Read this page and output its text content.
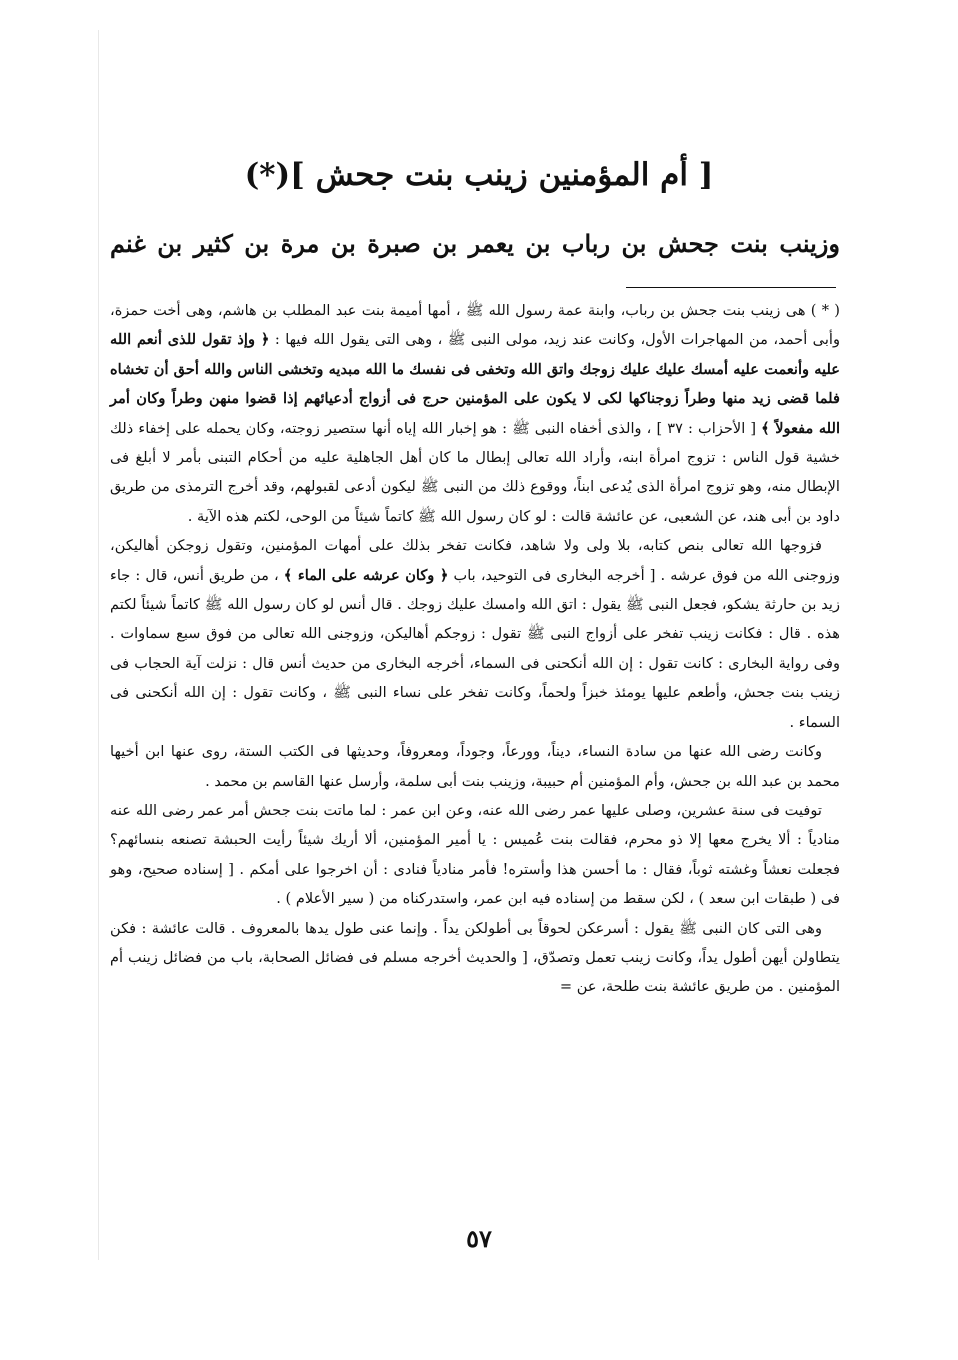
[ أم المؤمنين زينب بنت جحش ](*)

وزينب بنت جحش بن رباب بن يعمر بن صبرة بن مرة بن كثير بن غنم

( * ) هى زينب بنت جحش بن رباب، وابنة عمة رسول الله ﷺ ، أمها أميمة بنت عبد المطلب بن هاشم، وهى أخت حمزة، وأبى أحمد، من المهاجرات الأول، وكانت عند زيد، مولى النبى ﷺ ، وهى التى يقول الله فيها : ﴿ وإذ تقول للذى أنعم الله عليه وأنعمت عليه أمسك عليك عليك زوجك واتق الله وتخفى فى نفسك ما الله مبديه وتخشى الناس والله أحق أن تخشاه فلما قضى زيد منها وطراً زوجناكها لكى لا يكون على المؤمنين حرج فى أزواج أدعيائهم إذا قضوا منهن وطراً وكان أمر الله مفعولاً ﴾ [ الأحزاب : ٣٧ ] ، والذى أخفاه النبى ﷺ : هو إخبار الله إياه أنها ستصير زوجته، وكان يحمله على إخفاء ذلك خشية قول الناس : تزوج امرأة ابنه، وأراد الله تعالى إبطال ما كان أهل الجاهلية عليه من أحكام التبنى بأمر لا أبلغ فى الإبطال منه، وهو تزوج امرأة الذى يُدعى ابناً، ووقوع ذلك من النبى ﷺ ليكون أدعى لقبولهم، وقد أخرج الترمذى من طريق داود بن أبى هند، عن الشعبى، عن عائشة قالت : لو كان رسول الله ﷺ كاتماً شيئاً من الوحى، لكتم هذه الآية .

فزوجها الله تعالى بنص كتابه، بلا ولى ولا شاهد، فكانت تفخر بذلك على أمهات المؤمنين، وتقول زوجكن أهاليكن، وزوجنى الله من فوق عرشه . [ أخرجه البخارى فى التوحيد، باب ﴿ وكان عرشه على الماء ﴾ ، من طريق أنس، قال : جاء زيد بن حارثة يشكو، فجعل النبى ﷺ يقول : اتق الله وامسك عليك زوجك . قال أنس لو كان رسول الله ﷺ كاتماً شيئاً لكتم هذه . قال : فكانت زينب تفخر على أزواج النبى ﷺ تقول : زوجكم أهاليكن، وزوجنى الله تعالى من فوق سبع سماوات . وفى رواية البخارى : كانت تقول : إن الله أنكحنى فى السماء، أخرجه البخارى من حديث أنس قال : نزلت آية الحجاب فى زينب بنت جحش، وأطعم عليها يومئذ خبزاً ولحماً، وكانت تفخر على نساء النبى ﷺ ، وكانت تقول : إن الله أنكحنى فى السماء .

وكانت رضى الله عنها من سادة النساء، ديناً، وورعاً، وجوداً، ومعروفاً، وحديثها فى الكتب الستة، روى عنها ابن أخيها محمد بن عبد الله بن جحش، وأم المؤمنين أم حبيبة، وزينب بنت أبى سلمة، وأرسل عنها القاسم بن محمد .

توفيت فى سنة عشرين، وصلى عليها عمر رضى الله عنه، وعن ابن عمر : لما ماتت بنت جحش أمر عمر رضى الله عنه منادياً : ألا يخرج معها إلا ذو محرم، فقالت بنت عُميس : يا أمير المؤمنين، ألا أريك شيئاً رأيت الحبشة تصنعه بنسائهم؟ فجعلت نعشاً وغشته ثوباً، فقال : ما أحسن هذا وأستره! فأمر منادياً فنادى : أن اخرجوا على أمكم . [ إسناده صحيح، وهو فى ( طبقات ابن سعد ) ، لكن سقط من إسناده فيه ابن عمر، واستدركناه من ( سير الأعلام ) .

وهى التى كان النبى ﷺ يقول : أسرعكن لحوقاً بى أطولكن يداً . وإنما عنى طول يدها بالمعروف . قالت عائشة : فكن يتطاولن أيهن أطول يداً، وكانت زينب تعمل وتصدّق، [ والحديث أخرجه مسلم فى فضائل الصحابة، باب من فضائل زينب أم المؤمنين . من طريق عائشة بنت طلحة، عن =

٥٧
